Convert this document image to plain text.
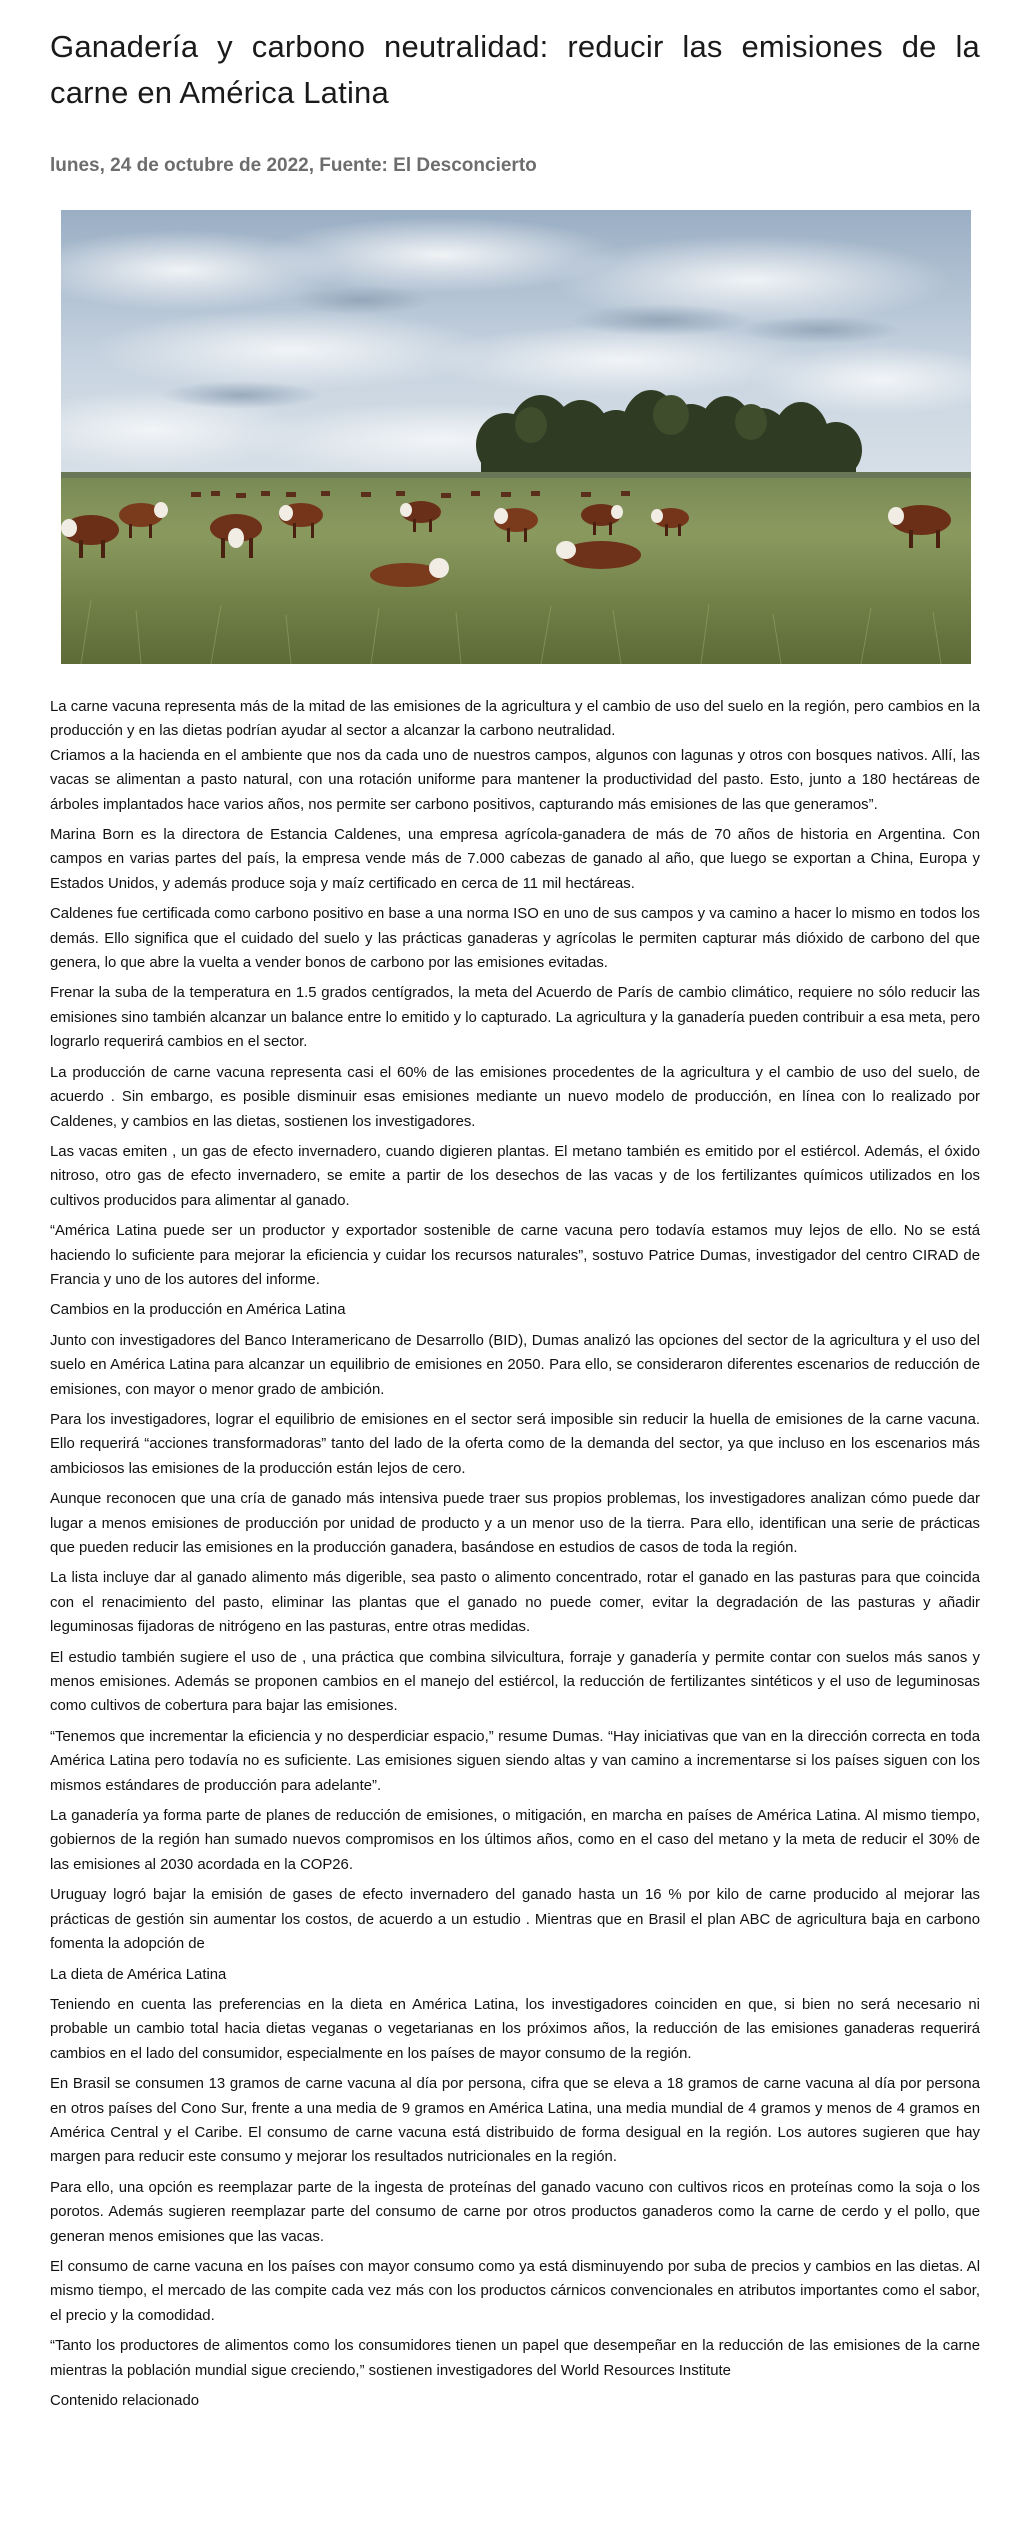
Ganadería y carbono neutralidad: reducir las emisiones de la carne en América Latina
lunes, 24 de octubre de 2022, Fuente: El Desconcierto

La carne vacuna representa más de la mitad de las emisiones de la agricultura y el cambio de uso del suelo en la región, pero cambios en la producción y en las dietas podrían ayudar al sector a alcanzar la carbono neutralidad.

Criamos a la hacienda en el ambiente que nos da cada uno de nuestros campos, algunos con lagunas y otros con bosques nativos. Allí, las vacas se alimentan a pasto natural, con una rotación uniforme para mantener la productividad del pasto. Esto, junto a 180 hectáreas de árboles implantados hace varios años, nos permite ser carbono positivos, capturando más emisiones de las que generamos”.

Marina Born es la directora de Estancia Caldenes, una empresa agrícola-ganadera de más de 70 años de historia en Argentina. Con campos en varias partes del país, la empresa vende más de 7.000 cabezas de ganado al año, que luego se exportan a China, Europa y Estados Unidos, y además produce soja y maíz certificado en cerca de 11 mil hectáreas.

Caldenes fue certificada como carbono positivo en base a una norma ISO en uno de sus campos y va camino a hacer lo mismo en todos los demás. Ello significa que el cuidado del suelo y las prácticas ganaderas y agrícolas le permiten capturar más dióxido de carbono del que genera, lo que abre la vuelta a vender bonos de carbono por las emisiones evitadas.

Frenar la suba de la temperatura en 1.5 grados centígrados, la meta del Acuerdo de París de cambio climático, requiere no sólo reducir las emisiones sino también alcanzar un balance entre lo emitido y lo capturado. La agricultura y la ganadería pueden contribuir a esa meta, pero lograrlo requerirá cambios en el sector.

La producción de carne vacuna representa casi el 60% de las emisiones procedentes de la agricultura y el cambio de uso del suelo, de acuerdo . Sin embargo, es posible disminuir esas emisiones mediante un nuevo modelo de producción, en línea con lo realizado por Caldenes, y cambios en las dietas, sostienen los investigadores.

Las vacas emiten , un gas de efecto invernadero, cuando digieren plantas. El metano también es emitido por el estiércol. Además, el óxido nitroso, otro gas de efecto invernadero, se emite a partir de los desechos de las vacas y de los fertilizantes químicos utilizados en los cultivos producidos para alimentar al ganado.

“América Latina puede ser un productor y exportador sostenible de carne vacuna pero todavía estamos muy lejos de ello. No se está haciendo lo suficiente para mejorar la eficiencia y cuidar los recursos naturales”, sostuvo Patrice Dumas, investigador del centro CIRAD de Francia y uno de los autores del informe.

Cambios en la producción en América Latina

Junto con investigadores del Banco Interamericano de Desarrollo (BID), Dumas analizó las opciones del sector de la agricultura y el uso del suelo en América Latina para alcanzar un equilibrio de emisiones en 2050. Para ello, se consideraron diferentes escenarios de reducción de emisiones, con mayor o menor grado de ambición.

Para los investigadores, lograr el equilibrio de emisiones en el sector será imposible sin reducir la huella de emisiones de la carne vacuna. Ello requerirá “acciones transformadoras” tanto del lado de la oferta como de la demanda del sector, ya que incluso en los escenarios más ambiciosos las emisiones de la producción están lejos de cero.

Aunque reconocen que una cría de ganado más intensiva puede traer sus propios problemas, los investigadores analizan cómo puede dar lugar a menos emisiones de producción por unidad de producto y a un menor uso de la tierra. Para ello, identifican una serie de prácticas que pueden reducir las emisiones en la producción ganadera, basándose en estudios de casos de toda la región.

La lista incluye dar al ganado alimento más digerible, sea pasto o alimento concentrado, rotar el ganado en las pasturas para que coincida con el renacimiento del pasto, eliminar las plantas que el ganado no puede comer, evitar la degradación de las pasturas y añadir leguminosas fijadoras de nitrógeno en las pasturas, entre otras medidas.

El estudio también sugiere el uso de , una práctica que combina silvicultura, forraje y ganadería y permite contar con suelos más sanos y menos emisiones. Además se proponen cambios en el manejo del estiércol, la reducción de fertilizantes sintéticos y el uso de leguminosas como cultivos de cobertura para bajar las emisiones.

“Tenemos que incrementar la eficiencia y no desperdiciar espacio,” resume Dumas. “Hay iniciativas que van en la dirección correcta en toda América Latina pero todavía no es suficiente. Las emisiones siguen siendo altas y van camino a incrementarse si los países siguen con los mismos estándares de producción para adelante”.

La ganadería ya forma parte de planes de reducción de emisiones, o mitigación, en marcha en países de América Latina. Al mismo tiempo, gobiernos de la región han sumado nuevos compromisos en los últimos años, como en el caso del metano y la meta de reducir el 30% de las emisiones al 2030 acordada en la COP26.

Uruguay logró bajar la emisión de gases de efecto invernadero del ganado hasta un 16 % por kilo de carne producido al mejorar las prácticas de gestión sin aumentar los costos, de acuerdo a un estudio . Mientras que en Brasil el plan ABC de agricultura baja en carbono fomenta la adopción de

La dieta de América Latina

Teniendo en cuenta las preferencias en la dieta en América Latina, los investigadores coinciden en que, si bien no será necesario ni probable un cambio total hacia dietas veganas o vegetarianas en los próximos años, la reducción de las emisiones ganaderas requerirá cambios en el lado del consumidor, especialmente en los países de mayor consumo de la región.

En Brasil se consumen 13 gramos de carne vacuna al día por persona, cifra que se eleva a 18 gramos de carne vacuna al día por persona en otros países del Cono Sur, frente a una media de 9 gramos en América Latina, una media mundial de 4 gramos y menos de 4 gramos en América Central y el Caribe. El consumo de carne vacuna está distribuido de forma desigual en la región. Los autores sugieren que hay margen para reducir este consumo y mejorar los resultados nutricionales en la región.

Para ello, una opción es reemplazar parte de la ingesta de proteínas del ganado vacuno con cultivos ricos en proteínas como la soja o los porotos. Además sugieren reemplazar parte del consumo de carne por otros productos ganaderos como la carne de cerdo y el pollo, que generan menos emisiones que las vacas.

El consumo de carne vacuna en los países con mayor consumo como ya está disminuyendo por suba de precios y cambios en las dietas. Al mismo tiempo, el mercado de las compite cada vez más con los productos cárnicos convencionales en atributos importantes como el sabor, el precio y la comodidad.

“Tanto los productores de alimentos como los consumidores tienen un papel que desempeñar en la reducción de las emisiones de la carne mientras la población mundial sigue creciendo,” sostienen investigadores del World Resources Institute

Contenido relacionado
